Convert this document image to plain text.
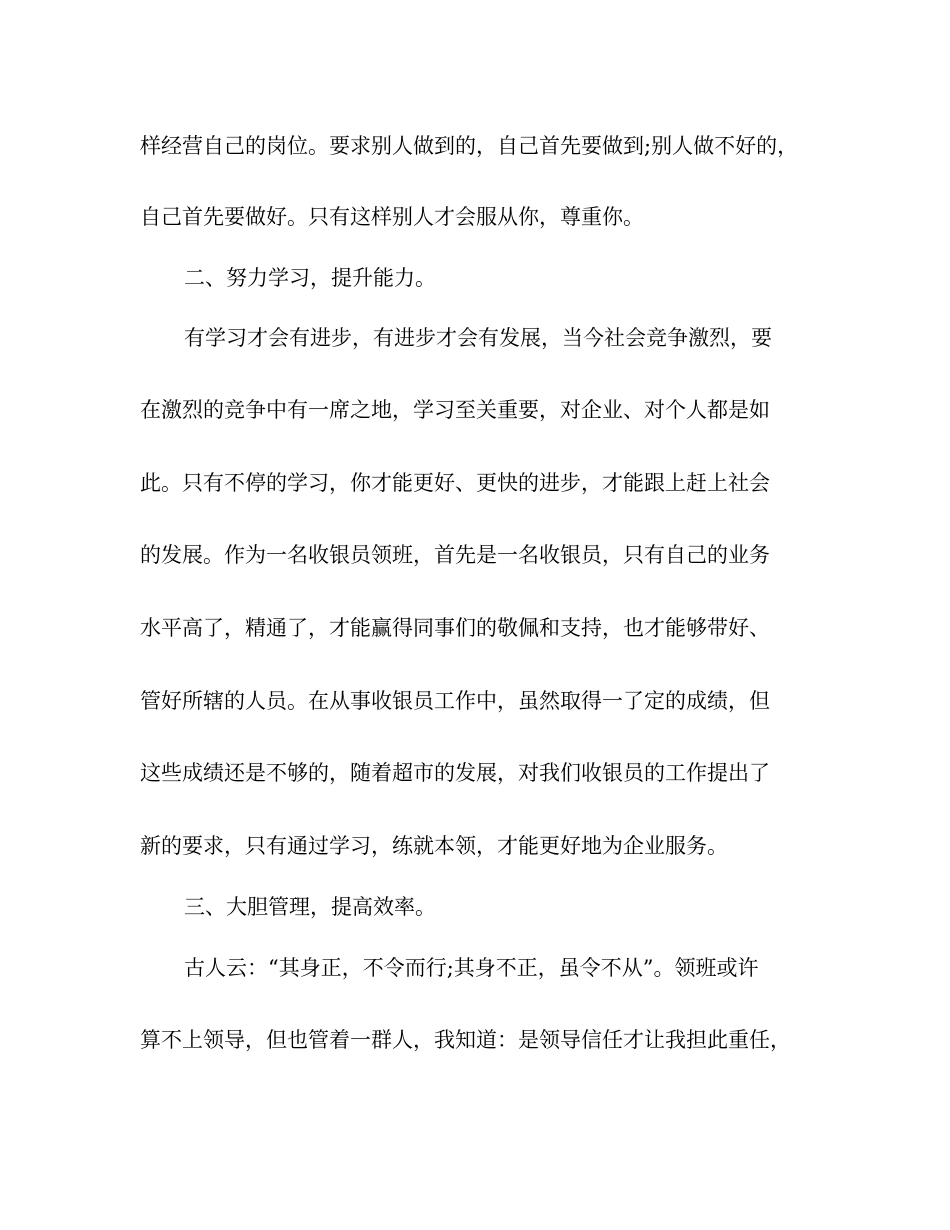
样经营自己的岗位。要求别人做到的，自己首先要做到;别人做不好的，
自己首先要做好。只有这样别人才会服从你，尊重你。
二、努力学习，提升能力。
有学习才会有进步，有进步才会有发展，当今社会竞争激烈，要
在激烈的竞争中有一席之地，学习至关重要，对企业、对个人都是如
此。只有不停的学习，你才能更好、更快的进步，才能跟上赶上社会
的发展。作为一名收银员领班，首先是一名收银员，只有自己的业务
水平高了，精通了，才能赢得同事们的敬佩和支持，也才能够带好、
管好所辖的人员。在从事收银员工作中，虽然取得一了定的成绩，但
这些成绩还是不够的，随着超市的发展，对我们收银员的工作提出了
新的要求，只有通过学习，练就本领，才能更好地为企业服务。
三、大胆管理，提高效率。
古人云：“其身正，不令而行;其身不正，虽令不从”。领班或许
算不上领导，但也管着一群人，我知道：是领导信任才让我担此重任，
